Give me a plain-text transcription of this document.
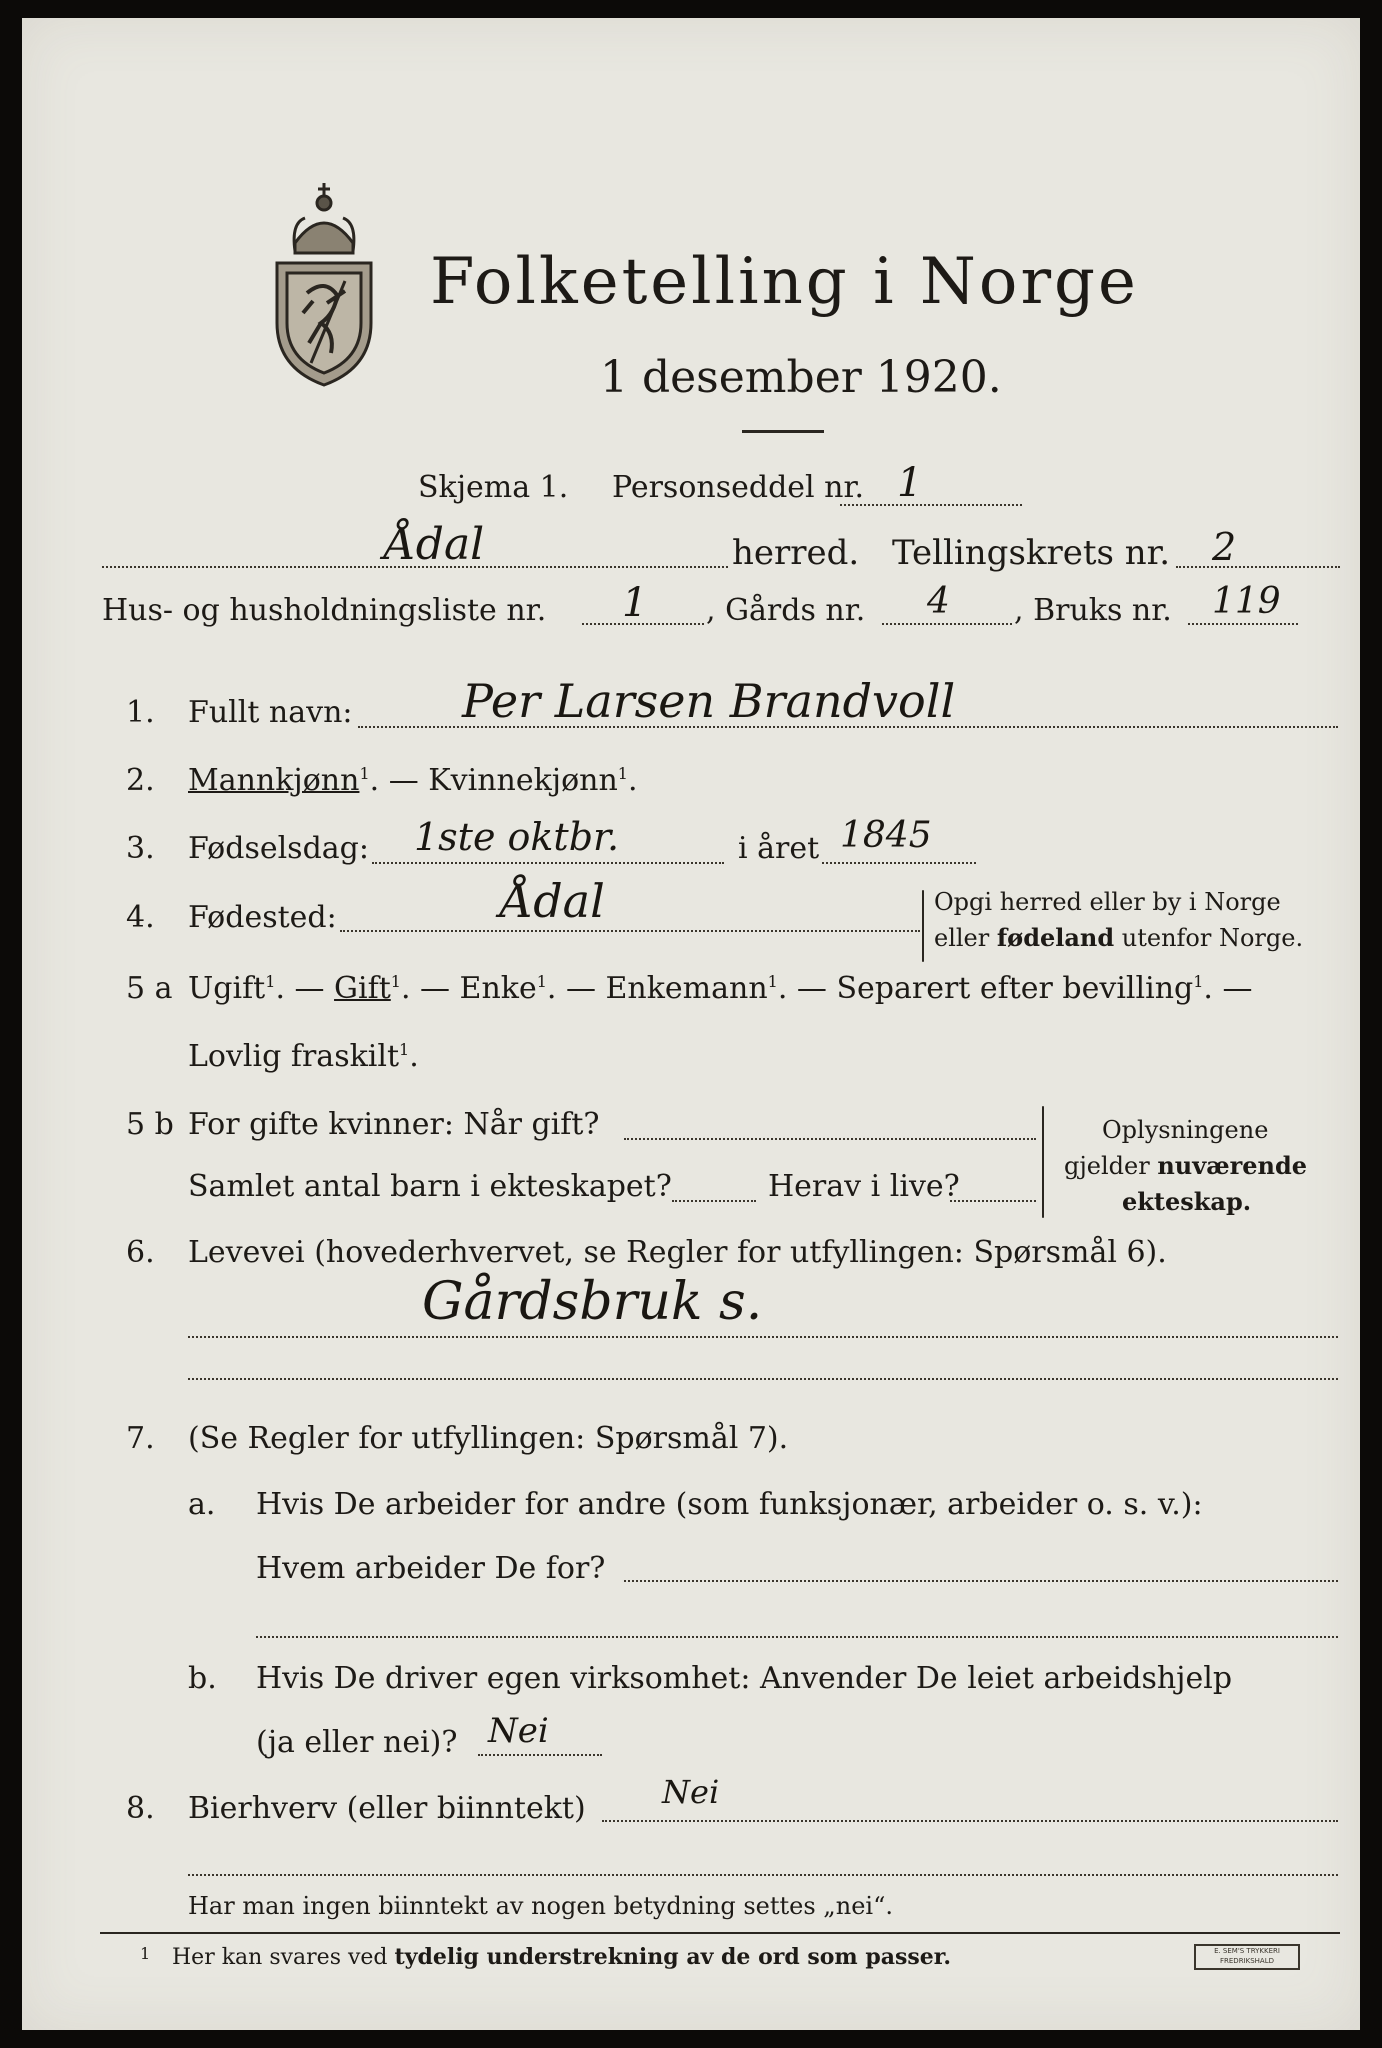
Folketelling i Norge
1 desember 1920.
Skjema 1. Personseddel nr. 1
Ådal	herred. Tellingskrets nr. 2
Hus- og husholdningsliste nr. 1 , Gårds nr. 4 , Bruks nr. 119
1. Fullt navn: Per Larsen Brandvoll
2. Mannkjønn$^1$. — Kvinnekjønn$^1$.
3. Fødselsdag: 1ste oktbr.	i året 1845
4. Fødested:	Ådal	Opgi herred eller by i Norge
eller fødeland utenfor Norge.
5 a Ugift$^1$. — Gift$^1$. — Enke$^1$. — Enkemann$^1$. — Separert efter bevilling$^1$. —
Lovlig fraskilt$^1$.
5 b For gifte kvinner: Når gift?
Samlet antal barn i ekteskapet?	Herav i live?
Oplysningene
gjelder nuværende
ekteskap.
6. Levevei (hovederhvervet, se Regler for utfyllingen: Spørsmål 6).
Gårdsbruk s.
7. (Se Regler for utfyllingen: Spørsmål 7).
a. Hvis De arbeider for andre (som funksjonær, arbeider o. s. v.):
Hvem arbeider De for?
b. Hvis De driver egen virksomhet: Anvender De leiet arbeidshjelp
(ja eller nei)? Nei
8. Bierhverv (eller biinntekt) Nei
Har man ingen biinntekt av nogen betydning settes „nei“.
1 Her kan svares ved tydelig understrekning av de ord som passer.	E. SEM'S TRYKKERI
FREDRIKSHALD
